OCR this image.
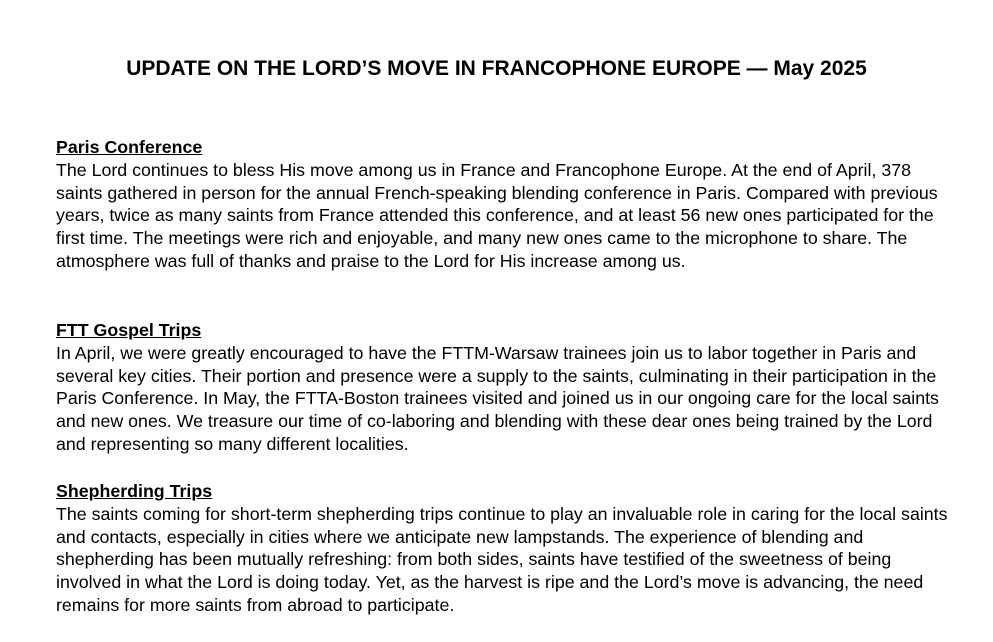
UPDATE ON THE LORD’S MOVE IN FRANCOPHONE EUROPE — May 2025

Paris Conference

The Lord continues to bless His move among us in France and Francophone Europe. At the end of April, 378 saints gathered in person for the annual French-speaking blending conference in Paris. Compared with previous years, twice as many saints from France attended this conference, and at least 56 new ones participated for the first time. The meetings were rich and enjoyable, and many new ones came to the microphone to share. The atmosphere was full of thanks and praise to the Lord for His increase among us.

FTT Gospel Trips

In April, we were greatly encouraged to have the FTTM-Warsaw trainees join us to labor together in Paris and several key cities. Their portion and presence were a supply to the saints, culminating in their participation in the Paris Conference. In May, the FTTA-Boston trainees visited and joined us in our ongoing care for the local saints and new ones. We treasure our time of co-laboring and blending with these dear ones being trained by the Lord and representing so many different localities.

Shepherding Trips

The saints coming for short-term shepherding trips continue to play an invaluable role in caring for the local saints and contacts, especially in cities where we anticipate new lampstands. The experience of blending and shepherding has been mutually refreshing: from both sides, saints have testified of the sweetness of being involved in what the Lord is doing today. Yet, as the harvest is ripe and the Lord’s move is advancing, the need remains for more saints from abroad to participate.
